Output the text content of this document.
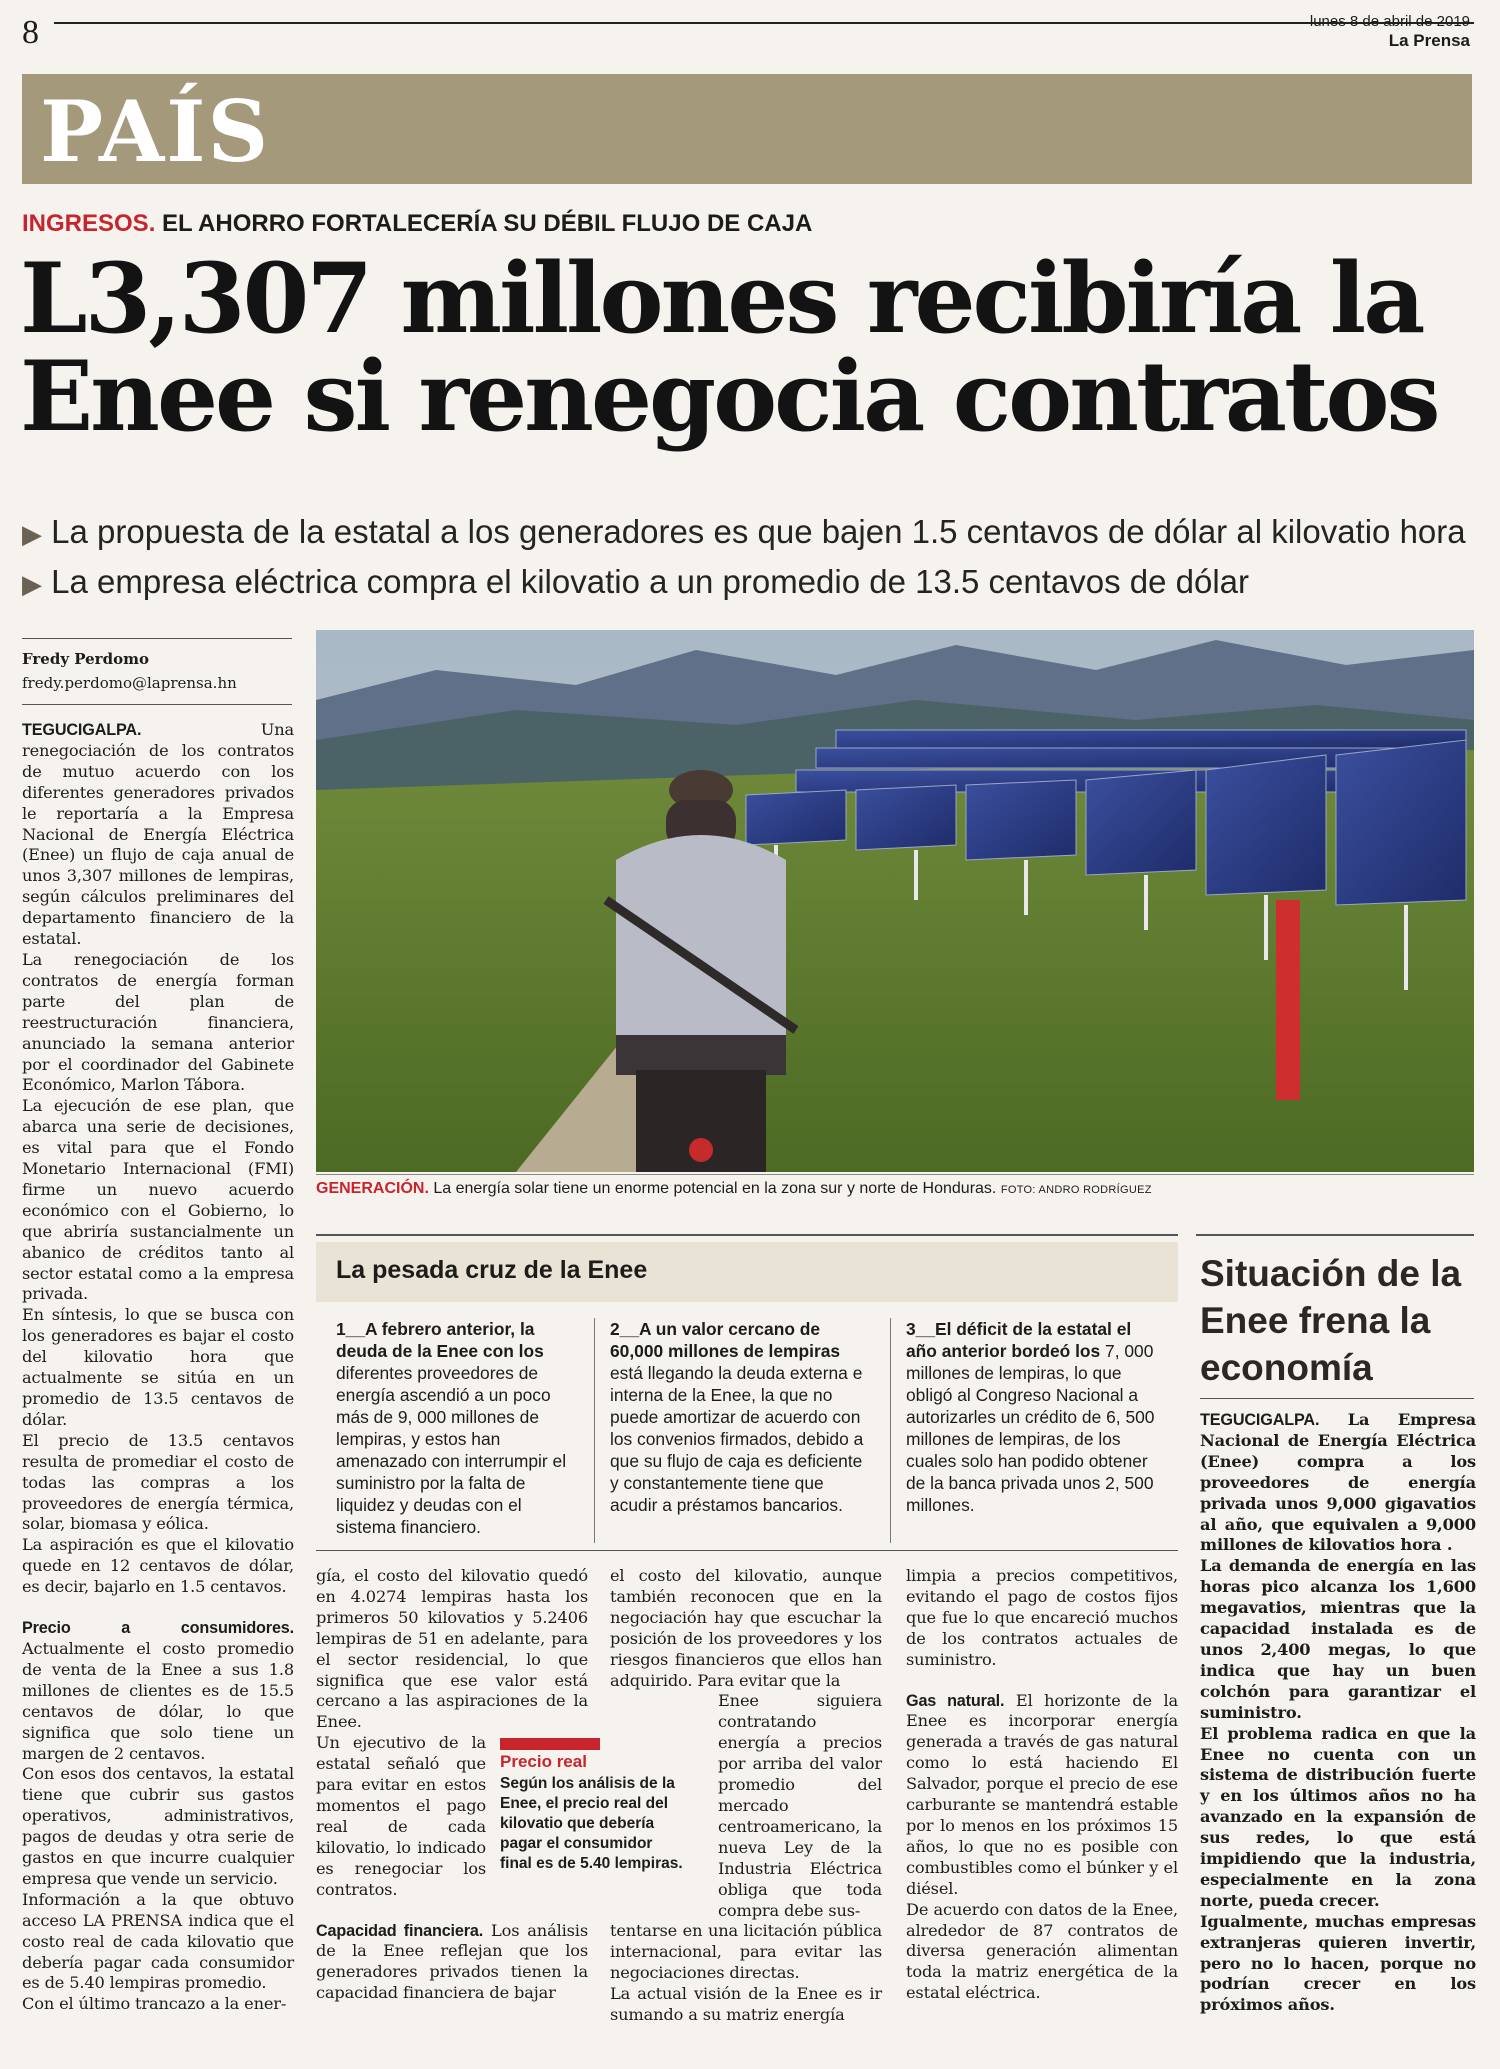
8	lunes 8 de abril de 2019
La Prensa
PAÍS
INGRESOS. EL AHORRO FORTALECERÍA SU DÉBIL FLUJO DE CAJA
L3,307 millones recibiría la
Enee si renegocia contratos
▶ La propuesta de la estatal a los generadores es que bajen 1.5 centavos de dólar al kilovatio hora ▶ La empresa eléctrica compra el kilovatio a un promedio de 13.5 centavos de dólar
Fredy Perdomo
fredy.perdomo@laprensa.hn

TEGUCIGALPA. Una renegociación de los contratos de mutuo acuerdo con los diferentes generadores privados le reportaría a la Empresa Nacional de Energía Eléctrica (Enee) un flujo de caja anual de unos 3,307 millones de lempiras, según cálculos preliminares del departamento financiero de la estatal.

La renegociación de los contratos de energía forman parte del plan de reestructuración financiera, anunciado la semana anterior por el coordinador del Gabinete Económico, Marlon Tábora.

La ejecución de ese plan, que abarca una serie de decisiones, es vital para que el Fondo Monetario Internacional (FMI) firme un nuevo acuerdo económico con el Gobierno, lo que abriría sustancialmente un abanico de créditos tanto al sector estatal como a la empresa privada.

En síntesis, lo que se busca con los generadores es bajar el costo del kilovatio hora que actualmente se sitúa en un promedio de 13.5 centavos de dólar.

El precio de 13.5 centavos resulta de promediar el costo de todas las compras a los proveedores de energía térmica, solar, biomasa y eólica.

La aspiración es que el kilovatio quede en 12 centavos de dólar, es decir, bajarlo en 1.5 centavos.

Precio a consumidores. Actualmente el costo promedio de venta de la Enee a sus 1.8 millones de clientes es de 15.5 centavos de dólar, lo que significa que solo tiene un margen de 2 centavos.

Con esos dos centavos, la estatal tiene que cubrir sus gastos operativos, administrativos, pagos de deudas y otra serie de gastos en que incurre cualquier empresa que vende un servicio.

Información a la que obtuvo acceso LA PRENSA indica que el costo real de cada kilovatio que debería pagar cada consumidor es de 5.40 lempiras promedio.

Con el último trancazo a la ener-

GENERACIÓN. La energía solar tiene un enorme potencial en la zona sur y norte de Honduras. FOTO: ANDRO RODRÍGUEZ
La pesada cruz de la Enee
1__A febrero anterior, la deuda de la Enee con los diferentes proveedores de energía ascendió a un poco más de 9, 000 millones de lempiras, y estos han amenazado con interrumpir el suministro por la falta de liquidez y deudas con el sistema financiero.
2__A un valor cercano de 60,000 millones de lempiras está llegando la deuda externa e interna de la Enee, la que no puede amortizar de acuerdo con los convenios firmados, debido a que su flujo de caja es deficiente y constantemente tiene que acudir a préstamos bancarios.
3__El déficit de la estatal el año anterior bordeó los 7, 000 millones de lempiras, lo que obligó al Congreso Nacional a autorizarles un crédito de 6, 500 millones de lempiras, de los cuales solo han podido obtener de la banca privada unos 2, 500 millones.

gía, el costo del kilovatio quedó en 4.0274 lempiras hasta los primeros 50 kilovatios y 5.2406 lempiras de 51 en adelante, para el sector residencial, lo que significa que ese valor está cercano a las aspiraciones de la Enee.

Un ejecutivo de la estatal señaló que para evitar en estos momentos el pago real de cada kilovatio, lo indicado es renegociar los contratos.

Capacidad financiera. Los análisis de la Enee reflejan que los generadores privados tienen la capacidad financiera de bajar

el costo del kilovatio, aunque también reconocen que en la negociación hay que escuchar la posición de los proveedores y los riesgos financieros que ellos han adquirido. Para evitar que la

Enee siguiera contratando energía a precios por arriba del valor promedio del mercado centroamericano, la nueva Ley de la Industria Eléctrica obliga que toda compra debe sus-

tentarse en una licitación pública internacional, para evitar las negociaciones directas.

La actual visión de la Enee es ir sumando a su matriz energía

Precio real
Según los análisis de la Enee, el precio real del kilovatio que debería pagar el consumidor final es de 5.40 lempiras.

limpia a precios competitivos, evitando el pago de costos fijos que fue lo que encareció muchos de los contratos actuales de suministro.

Gas natural. El horizonte de la Enee es incorporar energía generada a través de gas natural como lo está haciendo El Salvador, porque el precio de ese carburante se mantendrá estable por lo menos en los próximos 15 años, lo que no es posible con combustibles como el búnker y el diésel.

De acuerdo con datos de la Enee, alrededor de 87 contratos de diversa generación alimentan toda la matriz energética de la estatal eléctrica.

Situación de la Enee frena la economía

TEGUCIGALPA. La Empresa Nacional de Energía Eléctrica (Enee) compra a los proveedores de energía privada unos 9,000 gigavatios al año, que equivalen a 9,000 millones de kilovatios hora .

La demanda de energía en las horas pico alcanza los 1,600 megavatios, mientras que la capacidad instalada es de unos 2,400 megas, lo que indica que hay un buen colchón para garantizar el suministro.

El problema radica en que la Enee no cuenta con un sistema de distribución fuerte y en los últimos años no ha avanzado en la expansión de sus redes, lo que está impidiendo que la industria, especialmente en la zona norte, pueda crecer.

Igualmente, muchas empresas extranjeras quieren invertir, pero no lo hacen, porque no podrían crecer en los próximos años.
